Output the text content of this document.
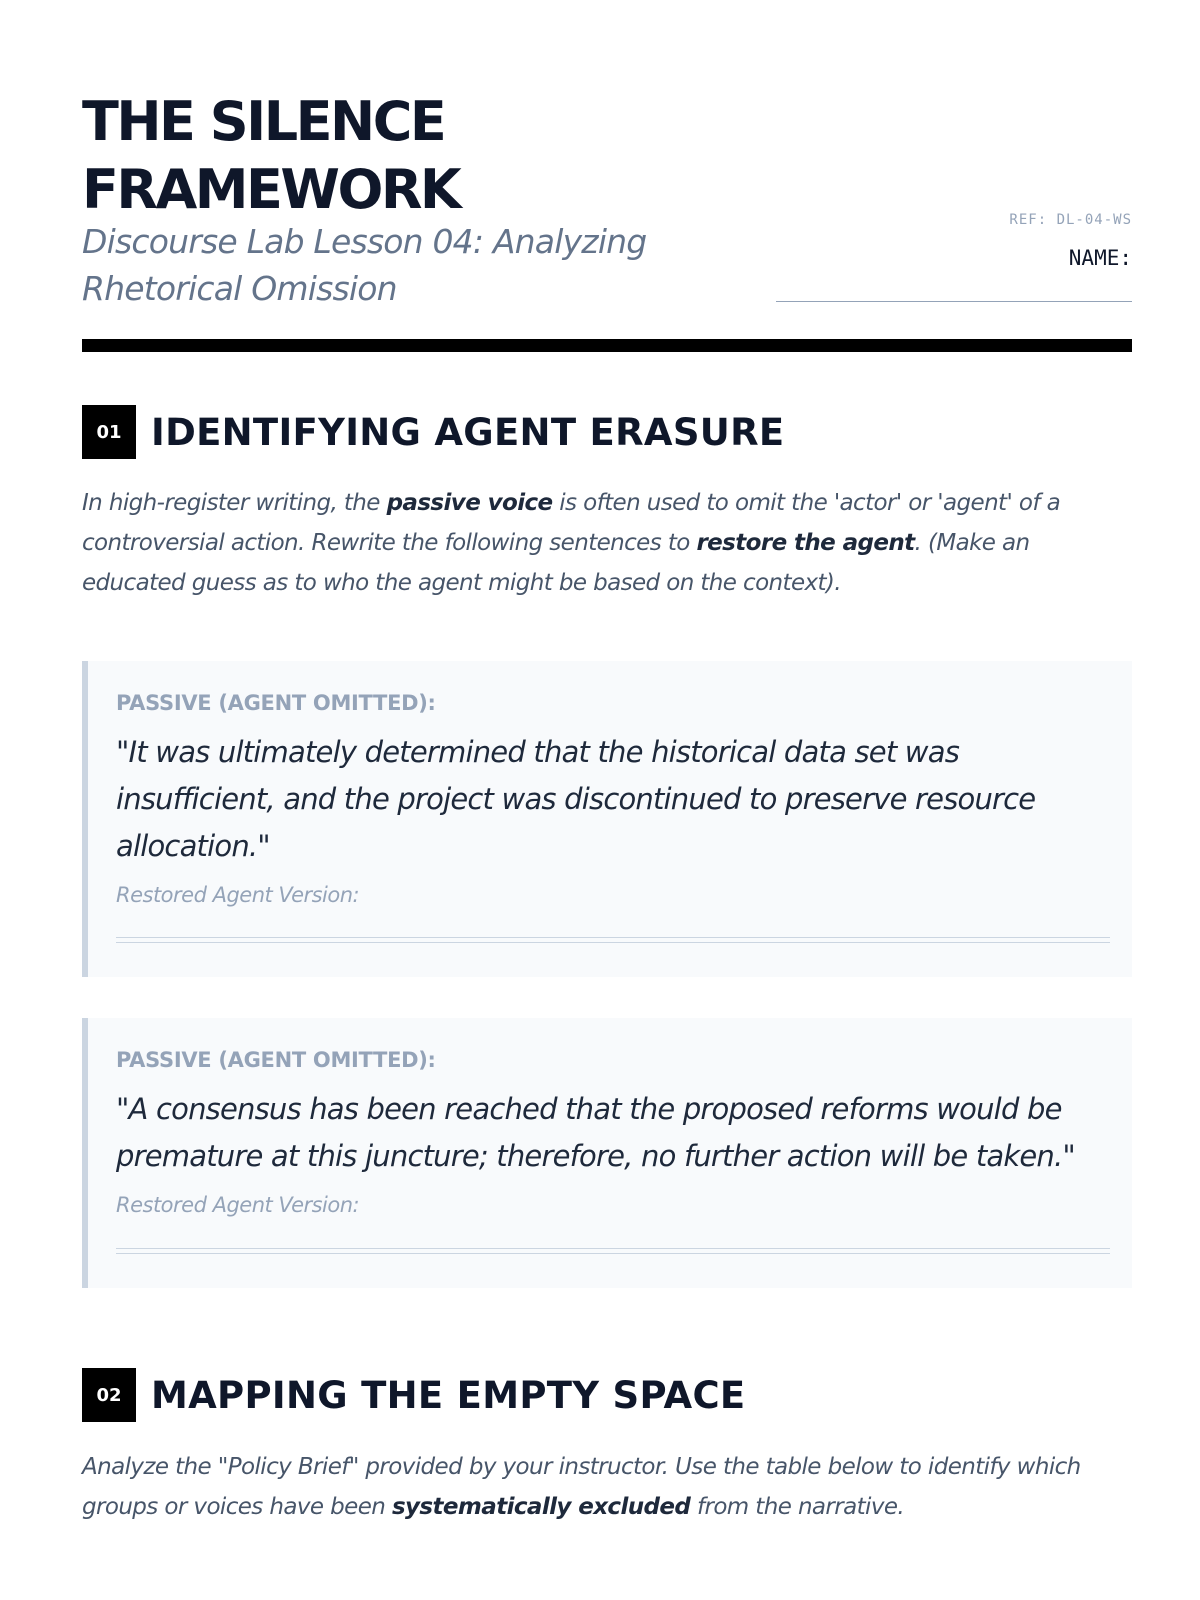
THE SILENCE
FRAMEWORK
Discourse Lab Lesson 04: Analyzing Rhetorical Omission
REF: DL-04-WS
NAME:
01 IDENTIFYING AGENT ERASURE
In high-register writing, the passive voice is often used to omit the 'actor' or 'agent' of a controversial action. Rewrite the following sentences to restore the agent. (Make an educated guess as to who the agent might be based on the context).
PASSIVE (AGENT OMITTED):
"It was ultimately determined that the historical data set was insufficient, and the project was discontinued to preserve resource allocation."
Restored Agent Version:
PASSIVE (AGENT OMITTED):
"A consensus has been reached that the proposed reforms would be premature at this juncture; therefore, no further action will be taken."
Restored Agent Version:
02 MAPPING THE EMPTY SPACE
Analyze the "Policy Brief" provided by your instructor. Use the table below to identify which groups or voices have been systematically excluded from the narrative.
